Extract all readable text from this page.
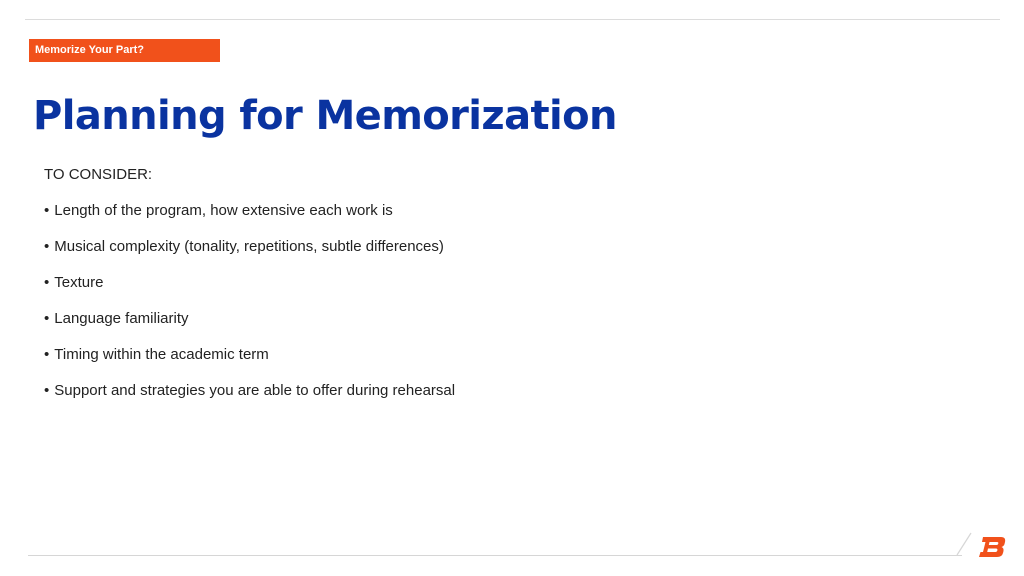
Memorize Your Part?
Planning for Memorization
TO CONSIDER:
• Length of the program, how extensive each work is
• Musical complexity (tonality, repetitions, subtle differences)
• Texture
• Language familiarity
• Timing within the academic term
• Support and strategies you are able to offer during rehearsal
